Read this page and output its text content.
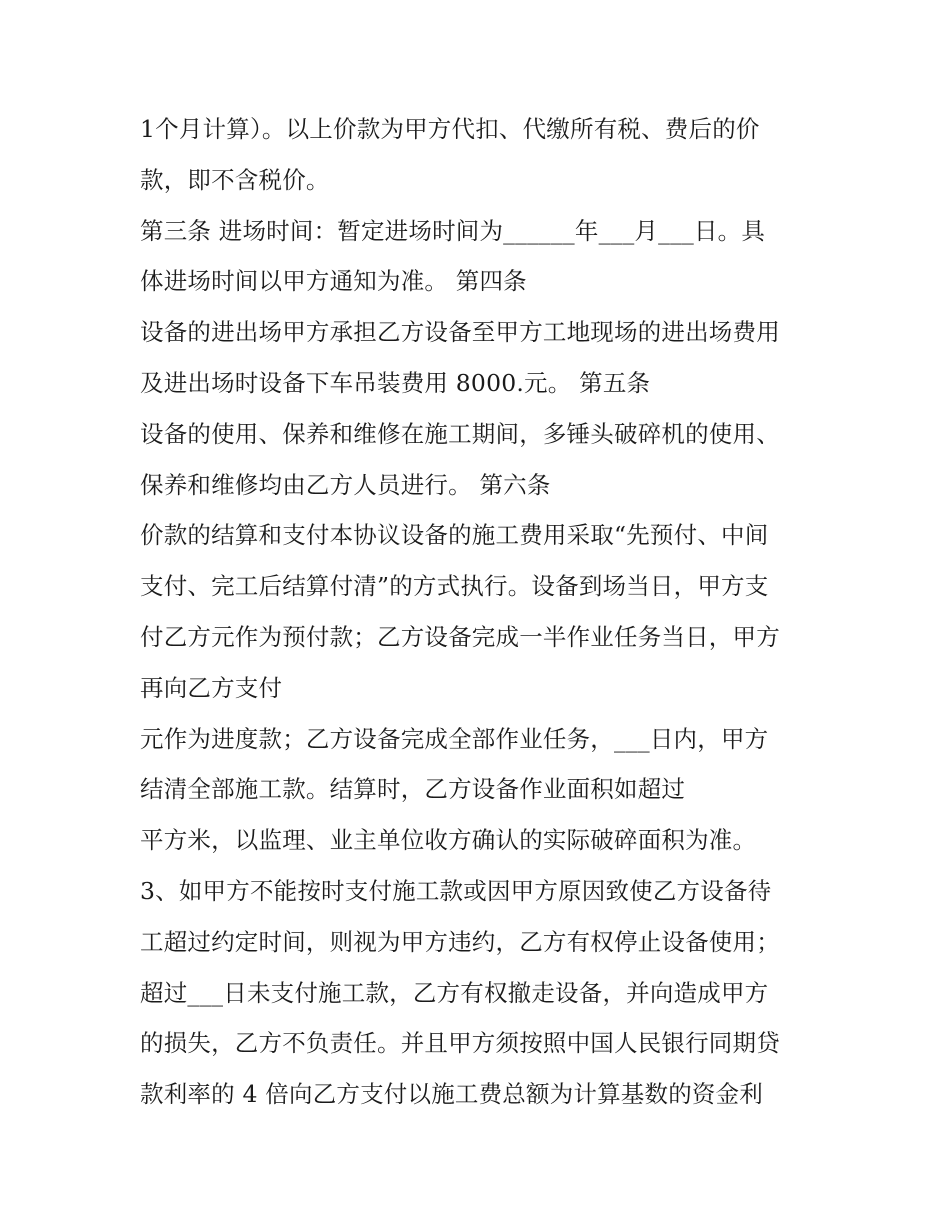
1个月计算）。以上价款为甲方代扣、代缴所有税、费后的价
款，即不含税价。
第三条 进场时间：暂定进场时间为______年___月___日。具
体进场时间以甲方通知为准。 第四条
设备的进出场甲方承担乙方设备至甲方工地现场的进出场费用
及进出场时设备下车吊装费用 8000.元。 第五条
设备的使用、保养和维修在施工期间，多锤头破碎机的使用、
保养和维修均由乙方人员进行。 第六条
价款的结算和支付本协议设备的施工费用采取“先预付、中间
支付、完工后结算付清”的方式执行。设备到场当日，甲方支
付乙方元作为预付款；乙方设备完成一半作业任务当日，甲方
再向乙方支付
元作为进度款；乙方设备完成全部作业任务，___日内，甲方
结清全部施工款。结算时，乙方设备作业面积如超过
平方米，以监理、业主单位收方确认的实际破碎面积为准。
3、如甲方不能按时支付施工款或因甲方原因致使乙方设备待
工超过约定时间，则视为甲方违约，乙方有权停止设备使用；
超过___日未支付施工款，乙方有权撤走设备，并向造成甲方
的损失，乙方不负责任。并且甲方须按照中国人民银行同期贷
款利率的 4 倍向乙方支付以施工费总额为计算基数的资金利
